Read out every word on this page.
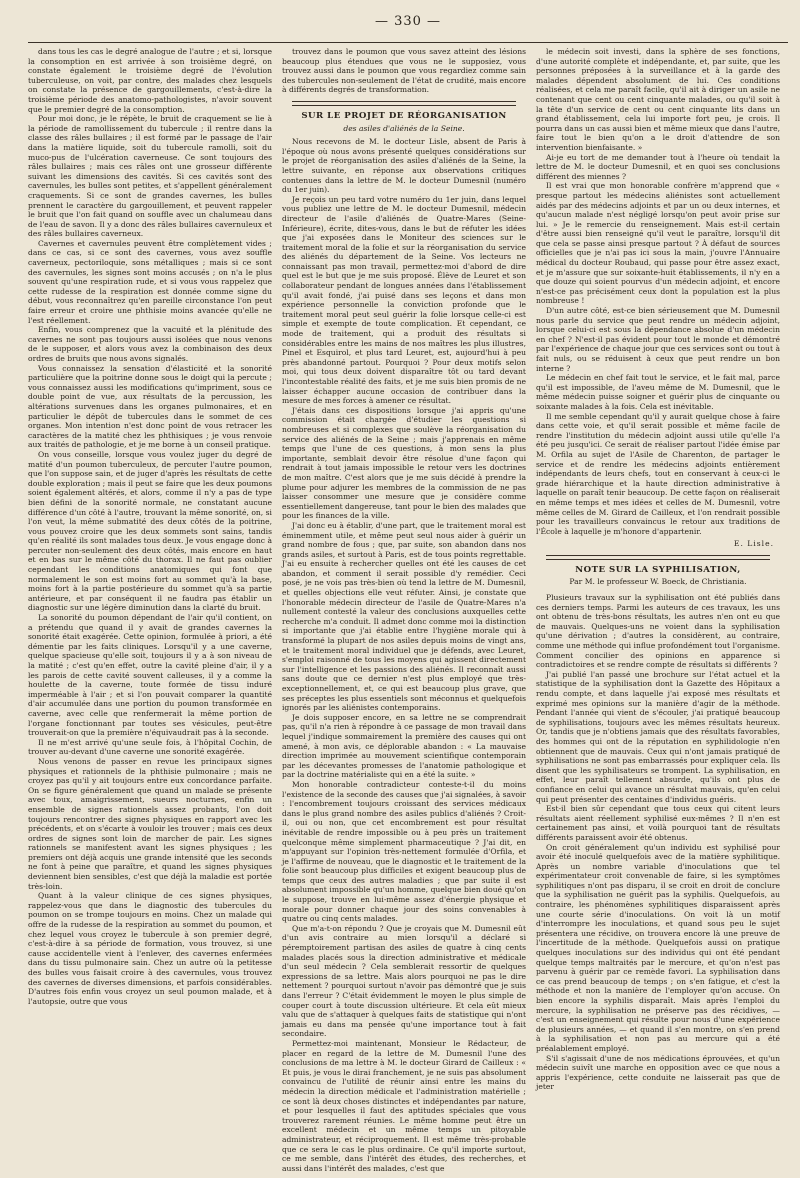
— 330 —

dans tous les cas le degré analogue de l'autre ; et si, lorsque la consomption en est arrivée à son troisième degré, on constate également le troisième degré de l'évolution tuberculeuse, on voit, par contre, des malades chez lesquels on constate la présence de gargouillements, c'est-à-dire la troisième période des anatomo-pathologistes, n'avoir souvent que le premier degré de la consomption.

Pour moi donc, je le répète, le bruit de craquement se lie à la période de ramollissement du tubercule ; il rentre dans la classe des râles bullaires ; il est formé par le passage de l'air dans la matière liquide, soit du tubercule ramolli, soit du muco-pus de l'ulcération caverneuse. Ce sont toujours des râles bullaires ; mais ces râles ont une grosseur différente suivant les dimensions des cavités. Si ces cavités sont des cavernules, les bulles sont petites, et s'appellent généralement craquements. Si ce sont de grandes cavernes, les bulles prennent le caractère du gargouillement, et peuvent rappeler le bruit que l'on fait quand on souffle avec un chalumeau dans de l'eau de savon. Il y a donc des râles bullaires cavernuleux et des râles bullaires caverneux.

Cavernes et cavernules peuvent être complètement vides ; dans ce cas, si ce sont des cavernes, vous avez souffle caverneux, pectoriloquie, sons métalliques ; mais si ce sont des cavernules, les signes sont moins accusés ; on n'a le plus souvent qu'une respiration rude, et si vous vous rappelez que cette rudesse de la respiration est donnée comme signe du début, vous reconnaîtrez qu'en pareille circonstance l'on peut faire erreur et croire une phthisie moins avancée qu'elle ne l'est réellement.

Enfin, vous comprenez que la vacuité et la plénitude des cavernes ne sont pas toujours aussi isolées que nous venons de le supposer, et alors vous avez la combinaison des deux ordres de bruits que nous avons signalés.

Vous connaissez la sensation d'élasticité et la sonorité particulière que la poitrine donne sous le doigt qui la percute ; vous connaissez aussi les modifications qu'impriment, sous ce double point de vue, aux résultats de la percussion, les altérations survenues dans les organes pulmonaires, et en particulier le dépôt de tubercules dans le sommet de ces organes. Mon intention n'est donc point de vous retracer les caractères de la matité chez les phthisiques ; je vous renvoie aux traités de pathologie, et je me borne à un conseil pratique.

On vous conseille, lorsque vous voulez juger du degré de matité d'un poumon tuberculeux, de percuter l'autre poumon, que l'on suppose sain, et de juger d'après les résultats de cette double exploration ; mais il peut se faire que les deux poumons soient également altérés, et alors, comme il n'y a pas de type bien défini de la sonorité normale, ne constatant aucune différence d'un côté à l'autre, trouvant la même sonorité, on, si l'on veut, la même submatité des deux côtés de la poitrine, vous pouvez croire que les deux sommets sont sains, tandis qu'en réalité ils sont malades tous deux. Je vous engage donc à percuter non-seulement des deux côtés, mais encore en haut et en bas sur le même côté du thorax. Il ne faut pas oublier cependant les conditions anatomiques qui font que normalement le son est moins fort au sommet qu'à la base, moins fort à la partie postérieure du sommet qu'à sa partie antérieure, et par conséquent il ne faudra pas établir un diagnostic sur une légère diminution dans la clarté du bruit.

La sonorité du poumon dépendant de l'air qu'il contient, on a prétendu que quand il y avait de grandes cavernes la sonorité était exagérée. Cette opinion, formulée à priori, a été démentie par les faits cliniques. Lorsqu'il y a une caverne, quelque spacieuse qu'elle soit, toujours il y a à son niveau de la matité ; c'est qu'en effet, outre la cavité pleine d'air, il y a les parois de cette cavité souvent calleuses, il y a comme la houlette de la caverne, toute formée de tissu induré imperméable à l'air ; et si l'on pouvait comparer la quantité d'air accumulée dans une portion du poumon transformée en caverne, avec celle que renfermerait la même portion de l'organe fonctionnant par toutes ses vésicules, peut-être trouverait-on que la première n'équivaudrait pas à la seconde.

Il ne m'est arrivé qu'une seule fois, à l'hôpital Cochin, de trouver au-devant d'une caverne une sonorité exagérée.

Nous venons de passer en revue les principaux signes physiques et rationnels de la phthisie pulmonaire ; mais ne croyez pas qu'il y ait toujours entre eux concordance parfaite. On se figure généralement que quand un malade se présente avec toux, amaigrissement, sueurs nocturnes, enfin un ensemble de signes rationnels assez probants, l'on doit toujours rencontrer des signes physiques en rapport avec les précédents, et on s'écarte à vouloir les trouver ; mais ces deux ordres de signes sont loin de marcher de pair. Les signes rationnels se manifestent avant les signes physiques ; les premiers ont déjà acquis une grande intensité que les seconds ne font à peine que paraître, et quand les signes physiques deviennent bien sensibles, c'est que déjà la maladie est portée très-loin.

Quant à la valeur clinique de ces signes physiques, rappelez-vous que dans le diagnostic des tubercules du poumon on se trompe toujours en moins. Chez un malade qui offre de la rudesse de la respiration au sommet du poumon, et chez lequel vous croyez le tubercule à son premier degré, c'est-à-dire à sa période de formation, vous trouvez, si une cause accidentelle vient à l'enlever, des cavernes enfermées dans du tissu pulmonaire sain. Chez un autre où la petitesse des bulles vous faisait croire à des cavernules, vous trouvez des cavernes de diverses dimensions, et parfois considérables. D'autres fois enfin vous croyez un seul poumon malade, et à l'autopsie, outre que vous

trouvez dans le poumon que vous savez atteint des lésions beaucoup plus étendues que vous ne le supposiez, vous trouvez aussi dans le poumon que vous regardiez comme sain des tubercules non-seulement de l'état de crudité, mais encore à différents degrés de transformation.

SUR LE PROJET DE RÉORGANISATION
des asiles d'aliénés de la Seine.

Nous recevons de M. le docteur Lisle, absent de Paris à l'époque où nous avons présenté quelques considérations sur le projet de réorganisation des asiles d'aliénés de la Seine, la lettre suivante, en réponse aux observations critiques contenues dans la lettre de M. le docteur Dumesnil (numéro du 1er juin).

Je reçois un peu tard votre numéro du 1er juin, dans lequel vous publiez une lettre de M. le docteur Dumesnil, médecin directeur de l'asile d'aliénés de Quatre-Mares (Seine-Inférieure), écrite, dites-vous, dans le but de réfuter les idées que j'ai exposées dans le Moniteur des sciences sur le traitement moral de la folie et sur la réorganisation du service des aliénés du département de la Seine. Vos lecteurs ne connaissant pas mon travail, permettez-moi d'abord de dire quel est le but que je me suis proposé. Élève de Leuret et son collaborateur pendant de longues années dans l'établissement qu'il avait fondé, j'ai puisé dans ses leçons et dans mon expérience personnelle la conviction profonde que le traitement moral peut seul guérir la folie lorsque celle-ci est simple et exempte de toute complication. Et cependant, ce mode de traitement, qui a produit des résultats si considérables entre les mains de nos maîtres les plus illustres, Pinel et Esquirol, et plus tard Leuret, est, aujourd'hui à peu près abandonné partout. Pourquoi ? Pour deux motifs selon moi, qui tous deux doivent disparaître tôt ou tard devant l'incontestable réalité des faits, et je me suis bien promis de ne laisser échapper aucune occasion de contribuer dans la mesure de mes forces à amener ce résultat.

J'étais dans ces dispositions lorsque j'ai appris qu'une commission était chargée d'étudier les questions si nombreuses et si complexes que soulève la réorganisation du service des aliénés de la Seine ; mais j'apprenais en même temps que l'une de ces questions, à mon sens la plus importante, semblait devoir être résolue d'une façon qui rendrait à tout jamais impossible le retour vers les doctrines de mon maître. C'est alors que je me suis décidé à prendre la plume pour adjurer les membres de la commission de ne pas laisser consommer une mesure que je considère comme essentiellement dangereuse, tant pour le bien des malades que pour les finances de la ville.

J'ai donc eu à établir, d'une part, que le traitement moral est éminemment utile, et même peut seul nous aider à guérir un grand nombre de fous ; que, par suite, son abandon dans nos grands asiles, et surtout à Paris, est de tous points regrettable. J'ai eu ensuite à rechercher quelles ont été les causes de cet abandon, et comment il serait possible d'y remédier. Ceci posé, je ne vois pas très-bien où tend la lettre de M. Dumesnil, et quelles objections elle veut réfuter. Ainsi, je constate que l'honorable médecin directeur de l'asile de Quatre-Mares n'a nullement contesté la valeur des conclusions auxquelles cette recherche m'a conduit. Il admet donc comme moi la distinction si importante que j'ai établie entre l'hygiène morale qui à transformé la plupart de nos asiles depuis moins de vingt ans, et le traitement moral individuel que je défends, avec Leuret, s'emploi raisonné de tous les moyens qui agissent directement sur l'intelligence et les passions des aliénés. Il reconnaît aussi sans doute que ce dernier n'est plus employé que très-exceptionnellement, et, ce qui est beaucoup plus grave, que ses préceptes les plus essentiels sont méconnus et quelquefois ignorés par les aliénistes contemporains.

Je dois supposer encore, en sa lettre ne se comprendrait pas, qu'il n'a rien à répondre à ce passage de mon travail dans lequel j'indique sommairement la première des causes qui ont amené, à mon avis, ce déplorable abandon : « La mauvaise direction imprimée au mouvement scientifique contemporain par les décevantes promesses de l'anatomie pathologique et par la doctrine matérialiste qui en a été la suite. »

Mon honorable contradicteur conteste-t-il du moins l'existence de la seconde des causes que j'ai signalées, à savoir : l'encombrement toujours croissant des services médicaux dans le plus grand nombre des asiles publics d'aliénés ? Croit-il, oui ou non, que cet encombrement est pour résultat inévitable de rendre impossible ou à peu près un traitement quelconque même simplement pharmaceutique ? J'ai dit, en m'appuyant sur l'opinion très-nettement formulée d'Orfila, et je l'affirme de nouveau, que le diagnostic et le traitement de la folie sont beaucoup plus difficiles et exigent beaucoup plus de temps que ceux des autres maladies ; que par suite il est absolument impossible qu'un homme, quelque bien doué qu'on le suppose, trouve en lui-même assez d'énergie physique et morale pour donner chaque jour des soins convenables à quatre ou cinq cents malades.

Que m'a-t-on répondu ? Que je croyais que M. Dumesnil eût d'un avis contraire au mien lorsqu'il a déclaré si péremptoirement partisan des asiles de quatre à cinq cents malades placés sous la direction administrative et médicale d'un seul médecin ? Cela semblerait ressortir de quelques expressions de sa lettre. Mais alors pourquoi ne pas le dire nettement ? pourquoi surtout n'avoir pas démontré que je suis dans l'erreur ? C'était évidemment le moyen le plus simple de couper court à toute discussion ultérieure. Et cela eût mieux valu que de s'attaquer à quelques faits de statistique qui n'ont jamais eu dans ma pensée qu'une importance tout à fait secondaire.

Permettez-moi maintenant, Monsieur le Rédacteur, de placer en regard de la lettre de M. Dumesnil l'une des conclusions de ma lettre à M. le docteur Girard de Cailleux : « Et puis, je vous le dirai franchement, je ne suis pas absolument convaincu de l'utilité de réunir ainsi entre les mains du médecin la direction médicale et l'administration matérielle ; ce sont là deux choses distinctes et indépendantes par nature, et pour lesquelles il faut des aptitudes spéciales que vous trouverez rarement réunies. Le même homme peut être un excellent médecin et un même temps un pitoyable administrateur, et réciproquement. Il est même très-probable que ce sera le cas le plus ordinaire. Ce qu'il importe surtout, ce me semble, dans l'intérêt des études, des recherches, et aussi dans l'intérêt des malades, c'est que

le médecin soit investi, dans la sphère de ses fonctions, d'une autorité complète et indépendante, et, par suite, que les personnes préposées à la surveillance et à la garde des malades dépendent absolument de lui. Ces conditions réalisées, et cela me paraît facile, qu'il ait à diriger un asile ne contenant que cent ou cent cinquante malades, ou qu'il soit à la tête d'un service de cent ou cent cinquante lits dans un grand établissement, cela lui importe fort peu, je crois. Il pourra dans un cas aussi bien et même mieux que dans l'autre, faire tout le bien qu'on a le droit d'attendre de son intervention bienfaisante. »

Ai-je eu tort de me demander tout à l'heure où tendait la lettre de M. le docteur Dumesnil, et en quoi ses conclusions différent des miennes ?

Il est vrai que mon honorable confrère m'apprend que « presque partout les médecins aliénistes sont actuellement aidés par des médecins adjoints et par un ou deux internes, et qu'aucun malade n'est négligé lorsqu'on peut avoir prise sur lui. » Je le remercie du renseignement. Mais est-il certain d'être aussi bien renseigné qu'il veut le paraître, lorsqu'il dit que cela se passe ainsi presque partout ? À défaut de sources officielles que je n'ai pas ici sous la main, j'ouvre l'Annuaire médical du docteur Roubaud, qui passe pour être assez exact, et je m'assure que sur soixante-huit établissements, il n'y en a que douze qui soient pourvus d'un médecin adjoint, et encore n'est-ce pas précisément ceux dont la population est la plus nombreuse !

D'un autre côté, est-ce bien sérieusement que M. Dumesnil nous parle du service que peut rendre un médecin adjoint, lorsque celui-ci est sous la dépendance absolue d'un médecin en chef ? N'est-il pas évident pour tout le monde et démontré par l'expérience de chaque jour que ces services sont ou tout à fait nuls, ou se réduisent à ceux que peut rendre un bon interne ?

Le médecin en chef fait tout le service, et le fait mal, parce qu'il est impossible, de l'aveu même de M. Dumesnil, que le même médecin puisse soigner et guérir plus de cinquante ou soixante malades à la fois. Cela est inévitable.

Il me semble cependant qu'il y aurait quelque chose à faire dans cette voie, et qu'il serait possible et même facile de rendre l'institution du médecin adjoint aussi utile qu'elle l'a été peu jusqu'ici. Ce serait de réaliser partout l'idée émise par M. Orfila au sujet de l'Asile de Charenton, de partager le service et de rendre les médecins adjoints entièrement indépendants de leurs chefs, tout en conservant à ceux-ci le grade hiérarchique et la haute direction administrative à laquelle on paraît tenir beaucoup. De cette façon on réaliserait en même temps et mes idées et celles de M. Dumesnil, votre même celles de M. Girard de Cailleux, et l'on rendrait possible pour les travailleurs convaincus le retour aux traditions de l'École à laquelle je m'honore d'appartenir.

E. Lisle.
NOTE SUR LA SYPHILISATION,
Par M. le professeur W. Boeck, de Christiania.

Plusieurs travaux sur la syphilisation ont été publiés dans ces derniers temps. Parmi les auteurs de ces travaux, les uns ont obtenu de très-bons résultats, les autres n'en ont eu que de mauvais. Quelques-uns ne voient dans la syphilisation qu'une dérivation ; d'autres la considèrent, au contraire, comme une méthode qui influe profondément tout l'organisme. Comment concilier des opinions en apparence si contradictoires et se rendre compte de résultats si différents ?

J'ai publié l'an passé une brochure sur l'état actuel et la statistique de la syphilisation dont la Gazette des Hôpitaux a rendu compte, et dans laquelle j'ai exposé mes résultats et exprimé mes opinions sur la manière d'agir de la méthode. Pendant l'année qui vient de s'écouler, j'ai pratiqué beaucoup de syphilisations, toujours avec les mêmes résultats heureux. Or, tandis que je n'obtiens jamais que des résultats favorables, des hommes qui ont de la réputation en syphilidologie n'en obtiennent que de mauvais. Ceux qui n'ont jamais pratiqué de syphilisations ne sont pas embarrassés pour expliquer cela. Ils disent que les syphilisateurs se trompent. La syphilisation, en effet, leur paraît tellement absurde, qu'ils ont plus de confiance en celui qui avance un résultat mauvais, qu'en celui qui peut présenter des centaines d'individus guéris.

Est-il bien sûr cependant que tous ceux qui citent leurs résultats aient réellement syphilisé eux-mêmes ? Il n'en est certainement pas ainsi, et voilà pourquoi tant de résultats différents paraissent avoir été obtenus.

On croit généralement qu'un individu est syphilisé pour avoir été inoculé quelquefois avec de la matière syphilitique. Après un nombre variable d'inoculations que tel expérimentateur croit convenable de faire, si les symptômes syphilitiques n'ont pas disparu, il se croit en droit de conclure que la syphilisation ne guérit pas la syphilis. Quelquefois, au contraire, les phénomènes syphilitiques disparaissent après une courte série d'inoculations. On voit là un motif d'interrompre les inoculations, et quand sous peu le sujet présentera une récidive, on trouvera encore là une preuve de l'incertitude de la méthode. Quelquefois aussi on pratique quelques inoculations sur des individus qui ont été pendant quelque temps maltraités par le mercure, et qu'on n'est pas parvenu à guérir par ce remède favori. La syphilisation dans ce cas prend beaucoup de temps ; on s'en fatigue, et c'est la méthode et non la manière de l'employer qu'on accuse. On bien encore la syphilis disparaît. Mais après l'emploi du mercure, la syphilisation ne préserve pas des récidives, — c'est un enseignement qui résulte pour nous d'une expérience de plusieurs années, — et quand il s'en montre, on s'en prend à la syphilisation et non pas au mercure qui a été préalablement employé.

S'il s'agissait d'une de nos médications éprouvées, et qu'un médecin suivît une marche en opposition avec ce que nous a appris l'expérience, cette conduite ne laisserait pas que de jeter
